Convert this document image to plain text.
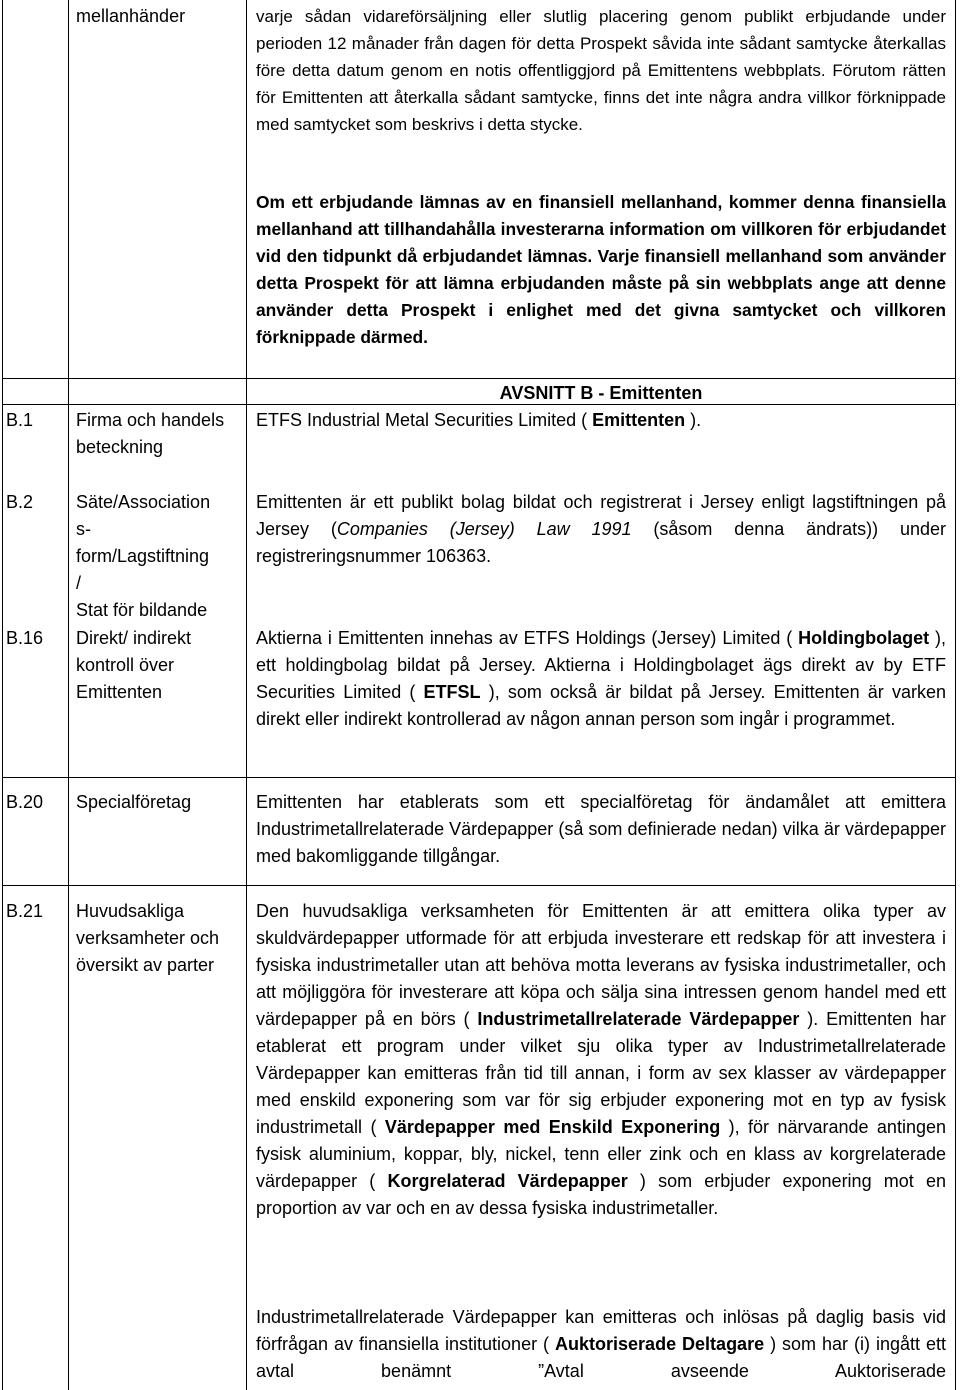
mellanhänder	varje sådan vidareförsäljning eller slutlig placering genom publikt erbjudande under perioden 12 månader från dagen för detta Prospekt såvida inte sådant samtycke återkallas före detta datum genom en notis offentliggjord på Emittentens webbplats. Förutom rätten för Emittenten att återkalla sådant samtycke, finns det inte några andra villkor förknippade med samtycket som beskrivs i detta stycke.
Om ett erbjudande lämnas av en finansiell mellanhand, kommer denna finansiella mellanhand att tillhandahålla investerarna information om villkoren för erbjudandet vid den tidpunkt då erbjudandet lämnas. Varje finansiell mellanhand som använder detta Prospekt för att lämna erbjudanden måste på sin webbplats ange att denne använder detta Prospekt i enlighet med det givna samtycket och villkoren förknippade därmed.
AVSNITT B - Emittenten
B.1 Firma och handelsbeteckning
ETFS Industrial Metal Securities Limited ( Emittenten ).
B.2 Säte/Association
s-
form/Lagstiftning
/
Stat för bildande
Emittenten är ett publikt bolag bildat och registrerat i Jersey enligt lagstiftningen på Jersey (Companies (Jersey) Law 1991 (såsom denna ändrats)) under registreringsnummer 106363.
B.16 Direkt/ indirekt kontroll över Emittenten
Aktierna i Emittenten innehas av ETFS Holdings (Jersey) Limited ( Holdingbolaget ), ett holdingbolag bildat på Jersey. Aktierna i Holdingbolaget ägs direkt av by ETF Securities Limited ( ETFSL ), som också är bildat på Jersey. Emittenten är varken direkt eller indirekt kontrollerad av någon annan person som ingår i programmet.
B.20 Specialföretag	Emittenten har etablerats som ett specialföretag för ändamålet att emittera Industrimetallrelaterade Värdepapper (så som definierade nedan) vilka är värdepapper med bakomliggande tillgångar.
B.21 Huvudsakliga verksamheter och översikt av parter
Den huvudsakliga verksamheten för Emittenten är att emittera olika typer av skuldvärdepapper utformade för att erbjuda investerare ett redskap för att investera i fysiska industrimetaller utan att behöva motta leverans av fysiska industrimetaller, och att möjliggöra för investerare att köpa och sälja sina intressen genom handel med ett värdepapper på en börs ( Industrimetallrelaterade Värdepapper ). Emittenten har etablerat ett program under vilket sju olika typer av Industrimetallrelaterade Värdepapper kan emitteras från tid till annan, i form av sex klasser av värdepapper med enskild exponering som var för sig erbjuder exponering mot en typ av fysisk industrimetall ( Värdepapper med Enskild Exponering ), för närvarande antingen fysisk aluminium, koppar, bly, nickel, tenn eller zink och en klass av korgrelaterade värdepapper ( Korgrelaterad Värdepapper ) som erbjuder exponering mot en proportion av var och en av dessa fysiska industrimetaller.
Industrimetallrelaterade Värdepapper kan emitteras och inlösas på daglig basis vid förfrågan av finansiella institutioner ( Auktoriserade Deltagare ) som har (i) ingått ett avtal benämnt ”Avtal avseende Auktoriserade
